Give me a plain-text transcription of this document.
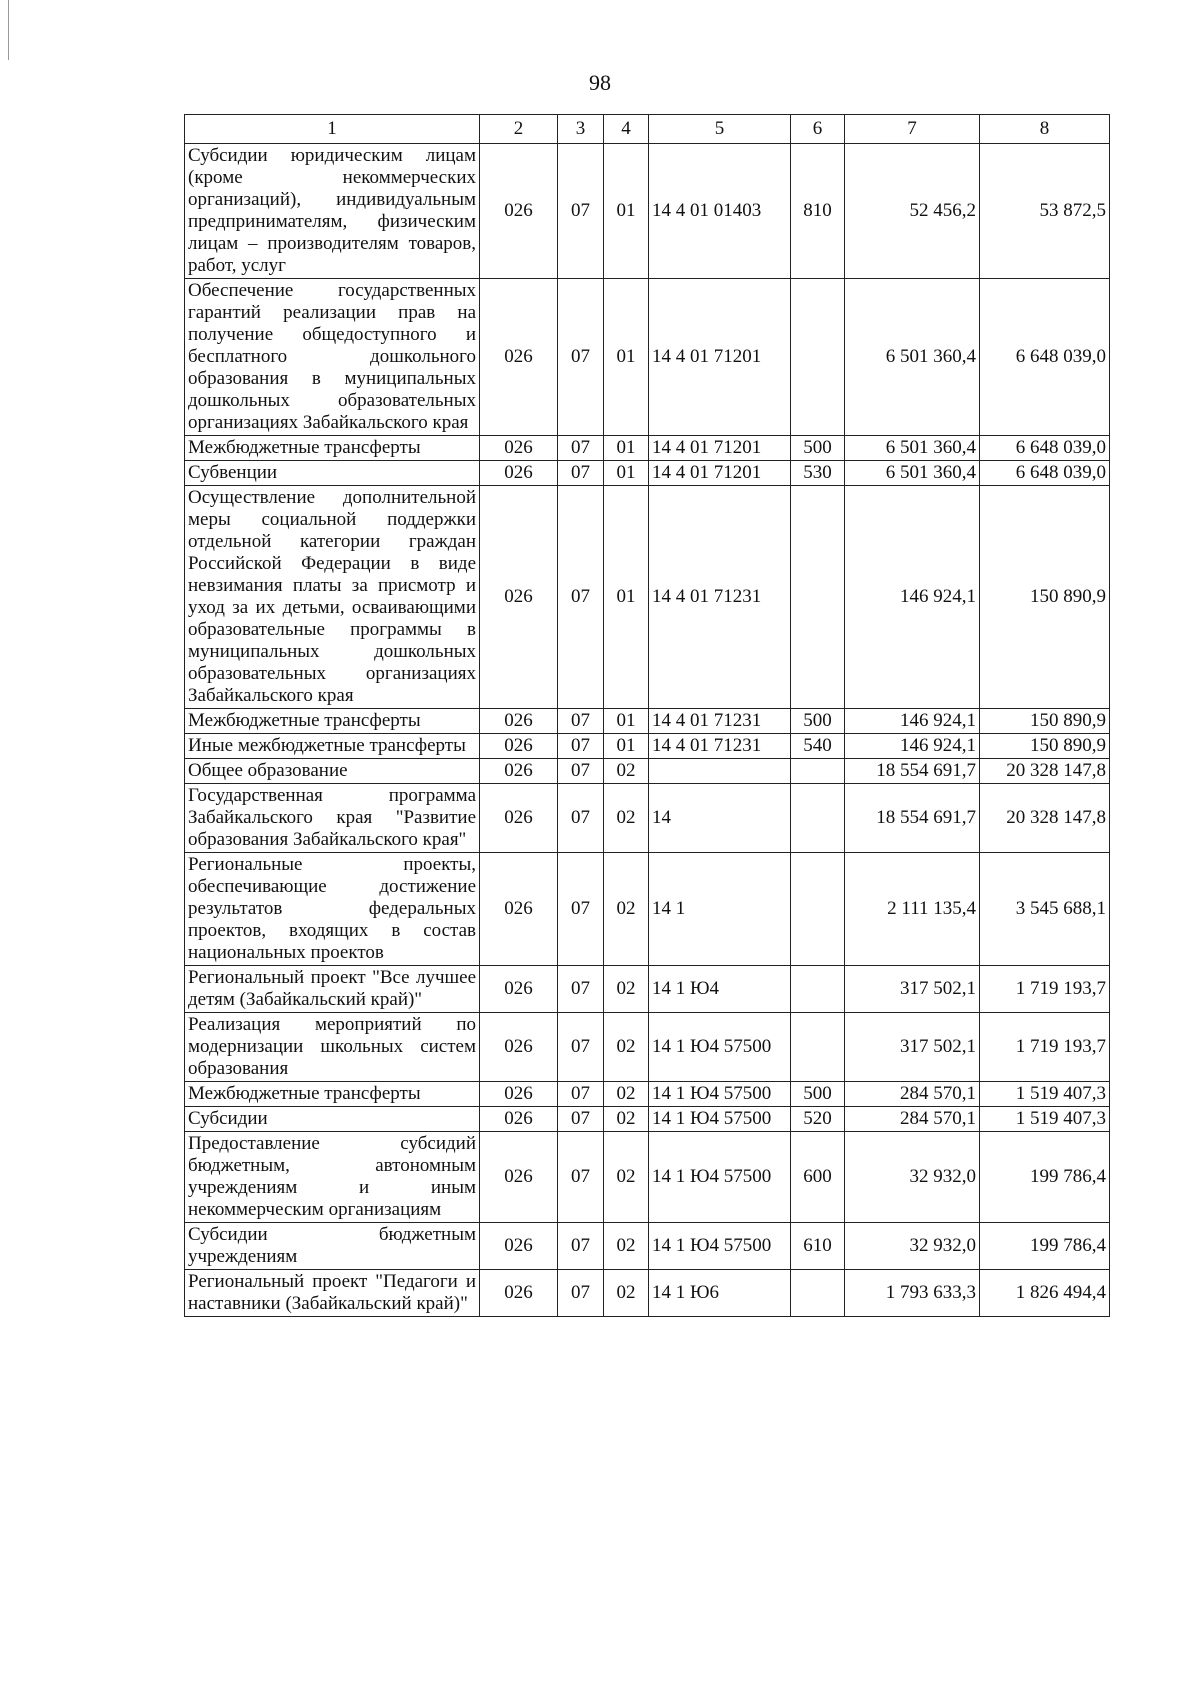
98
1	2	3	4	5	6	7	8
Субсидии юридическим лицам (кроме некоммерческих организаций), индивидуальным предпринимателям, физическим лицам – производителям товаров, работ, услуг	026	07	01	14 4 01 01403	810	52 456,2	53 872,5
Обеспечение государственных гарантий реализации прав на получение общедоступного и бесплатного дошкольного образования в муниципальных дошкольных образовательных организациях Забайкальского края	026	07	01	14 4 01 71201		6 501 360,4	6 648 039,0
Межбюджетные трансферты	026	07	01	14 4 01 71201	500	6 501 360,4	6 648 039,0
Субвенции	026	07	01	14 4 01 71201	530	6 501 360,4	6 648 039,0
Осуществление дополнительной меры социальной поддержки отдельной категории граждан Российской Федерации в виде невзимания платы за присмотр и уход за их детьми, осваивающими образовательные программы в муниципальных дошкольных образовательных организациях Забайкальского края	026	07	01	14 4 01 71231		146 924,1	150 890,9
Межбюджетные трансферты	026	07	01	14 4 01 71231	500	146 924,1	150 890,9
Иные межбюджетные трансферты	026	07	01	14 4 01 71231	540	146 924,1	150 890,9
Общее образование	026	07	02			18 554 691,7	20 328 147,8
Государственная программа Забайкальского края "Развитие образования Забайкальского края"	026	07	02	14		18 554 691,7	20 328 147,8
Региональные проекты, обеспечивающие достижение результатов федеральных проектов, входящих в состав национальных проектов	026	07	02	14 1		2 111 135,4	3 545 688,1
Региональный проект "Все лучшее детям (Забайкальский край)"	026	07	02	14 1 Ю4		317 502,1	1 719 193,7
Реализация мероприятий по модернизации школьных систем образования	026	07	02	14 1 Ю4 57500		317 502,1	1 719 193,7
Межбюджетные трансферты	026	07	02	14 1 Ю4 57500	500	284 570,1	1 519 407,3
Субсидии	026	07	02	14 1 Ю4 57500	520	284 570,1	1 519 407,3
Предоставление субсидий бюджетным, автономным учреждениям и иным некоммерческим организациям	026	07	02	14 1 Ю4 57500	600	32 932,0	199 786,4
Субсидии бюджетным учреждениям	026	07	02	14 1 Ю4 57500	610	32 932,0	199 786,4
Региональный проект "Педагоги и наставники (Забайкальский край)"	026	07	02	14 1 Ю6		1 793 633,3	1 826 494,4
